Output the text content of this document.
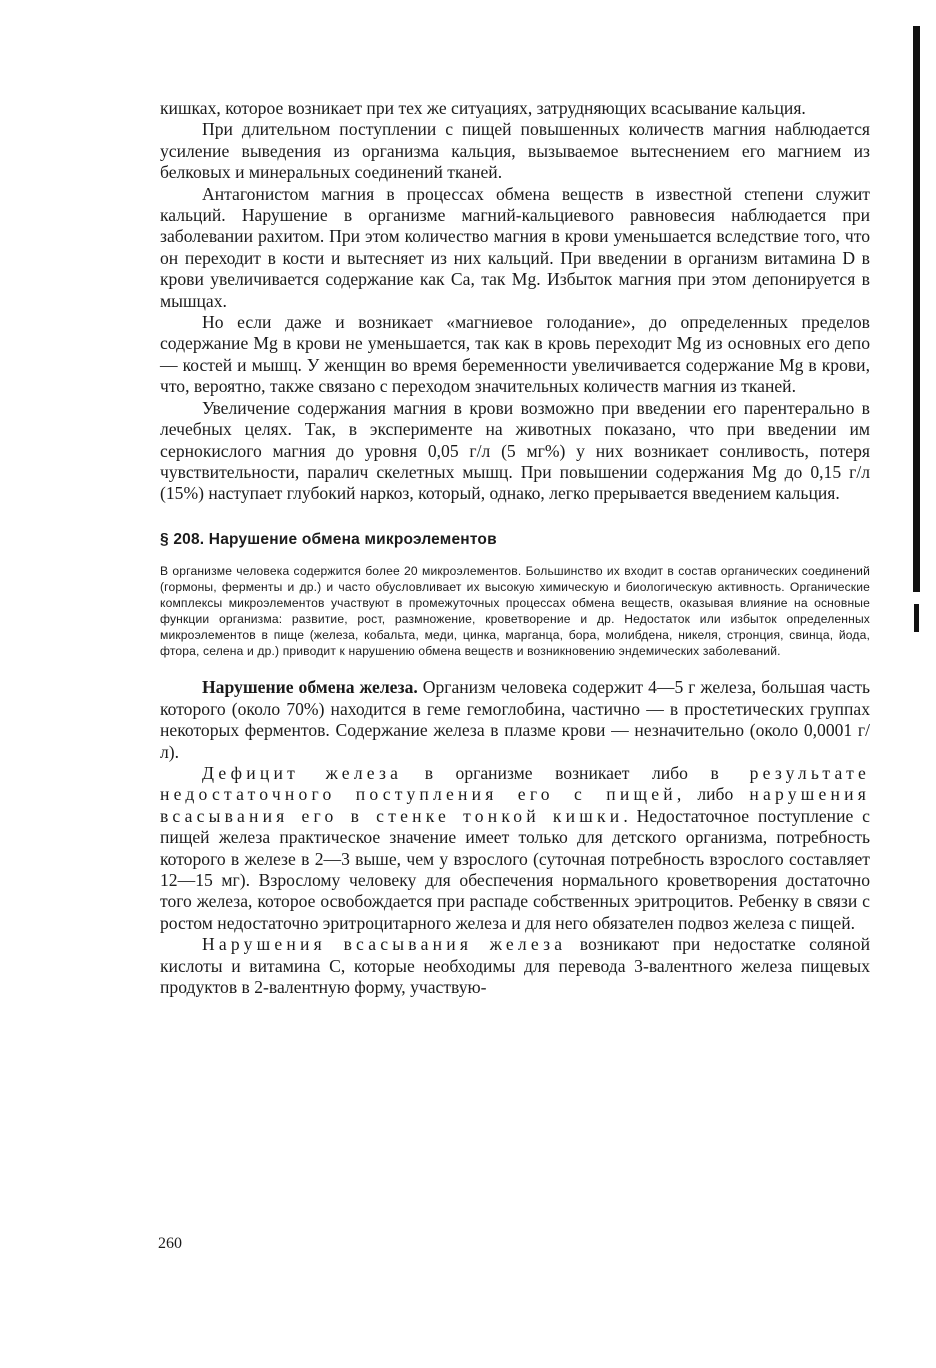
кишках, которое возникает при тех же ситуациях, затрудняющих всасывание кальция.

При длительном поступлении с пищей повышенных количеств магния наблюдается усиление выведения из организма кальция, вызываемое вытеснением его магнием из белковых и минеральных соединений тканей.

Антагонистом магния в процессах обмена веществ в известной степени служит кальций. Нарушение в организме магний-кальциевого равновесия наблюдается при заболевании рахитом. При этом количество магния в крови уменьшается вследствие того, что он переходит в кости и вытесняет из них кальций. При введении в организм витамина D в крови увеличивается содержание как Ca, так Mg. Избыток магния при этом депонируется в мышцах.

Но если даже и возникает «магниевое голодание», до определенных пределов содержание Mg в крови не уменьшается, так как в кровь переходит Mg из основных его депо — костей и мышц. У женщин во время беременности увеличивается содержание Mg в крови, что, вероятно, также связано с переходом значительных количеств магния из тканей.

Увеличение содержания магния в крови возможно при введении его парентерально в лечебных целях. Так, в эксперименте на животных показано, что при введении им сернокислого магния до уровня 0,05 г/л (5 мг%) у них возникает сонливость, потеря чувствительности, паралич скелетных мышц. При повышении содержания Mg до 0,15 г/л (15%) наступает глубокий наркоз, который, однако, легко прерывается введением кальция.

§ 208. Нарушение обмена микроэлементов

В организме человека содержится более 20 микроэлементов. Большинство их входит в состав органических соединений (гормоны, ферменты и др.) и часто обусловливает их высокую химическую и биологическую активность. Органические комплексы микроэлементов участвуют в промежуточных процессах обмена веществ, оказывая влияние на основные функции организма: развитие, рост, размножение, кроветворение и др. Недостаток или избыток определенных микроэлементов в пище (железа, кобальта, меди, цинка, марганца, бора, молибдена, никеля, стронция, свинца, йода, фтора, селена и др.) приводит к нарушению обмена веществ и возникновению эндемических заболеваний.

Нарушение обмена железа. Организм человека содержит 4—5 г железа, большая часть которого (около 70%) находится в геме гемоглобина, частично — в простетических группах некоторых ферментов. Содержание железа в плазме крови — незначительно (около 0,0001 г/л).

Дефицит железа в организме возникает либо в результате недостаточного поступления его с пищей, либо нарушения всасывания его в стенке тонкой кишки. Недостаточное поступление с пищей железа практическое значение имеет только для детского организма, потребность которого в железе в 2—3 выше, чем у взрослого (суточная потребность взрослого составляет 12—15 мг). Взрослому человеку для обеспечения нормального кроветворения достаточно того железа, которое освобождается при распаде собственных эритроцитов. Ребенку в связи с ростом недостаточно эритроцитарного железа и для него обязателен подвоз железа с пищей.

Нарушения всасывания железа возникают при недостатке соляной кислоты и витамина C, которые необходимы для перевода 3-валентного железа пищевых продуктов в 2-валентную форму, участвую-

260
